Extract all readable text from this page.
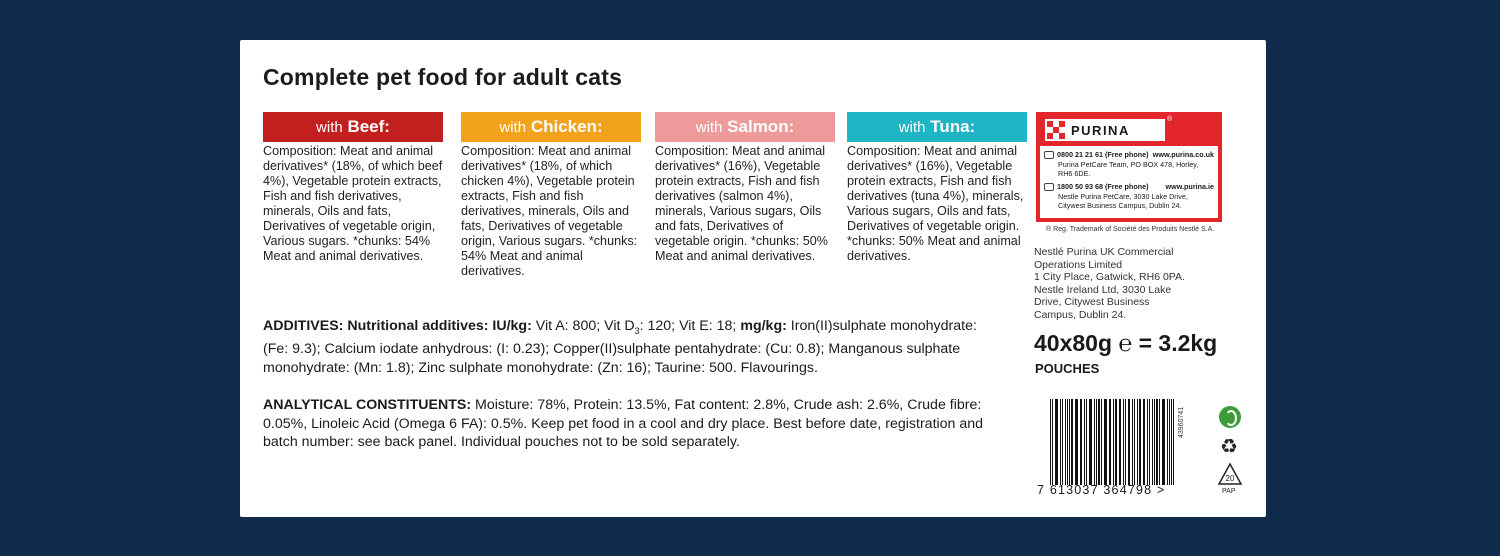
Complete pet food for adult cats
with Beef:
Composition: Meat and animal derivatives* (18%, of which beef 4%), Vegetable protein extracts, Fish and fish derivatives, minerals, Oils and fats, Derivatives of vegetable origin, Various sugars. *chunks: 54% Meat and animal derivatives.
with Chicken:
Composition: Meat and animal derivatives* (18%, of which chicken 4%), Vegetable protein extracts, Fish and fish derivatives, minerals, Oils and fats, Derivatives of vegetable origin, Various sugars. *chunks: 54% Meat and animal derivatives.
with Salmon:
Composition: Meat and animal derivatives* (16%), Vegetable protein extracts, Fish and fish derivatives (salmon 4%), minerals, Various sugars, Oils and fats, Derivatives of vegetable origin. *chunks: 50% Meat and animal derivatives.
with Tuna:
Composition: Meat and animal derivatives* (16%), Vegetable protein extracts, Fish and fish derivatives (tuna 4%), minerals, Various sugars, Oils and fats, Derivatives of vegetable origin. *chunks: 50% Meat and animal derivatives.
PURINA
®
0800 21 21 61 (Free phone) www.purina.co.uk
Purina PetCare Team, PO BOX 478, Horley,
RH6 6DE.
1800 50 93 68 (Free phone) www.purina.ie
Nestle Purina PetCare, 3030 Lake Drive,
Citywest Business Campus, Dublin 24.
® Reg. Trademark of Société des Produits Nestlé S.A.
Nestlé Purina UK Commercial
Operations Limited
1 City Place, Gatwick, RH6 0PA.
Nestle Ireland Ltd, 3030 Lake
Drive, Citywest Business
Campus, Dublin 24.
40x80g ℮ = 3.2kg
POUCHES
ADDITIVES: Nutritional additives: IU/kg: Vit A: 800; Vit $D_3$: 120; Vit E: 18; mg/kg: Iron(II)sulphate monohydrate: (Fe: 9.3); Calcium iodate anhydrous: (I: 0.23); Copper(II)sulphate pentahydrate: (Cu: 0.8); Manganous sulphate monohydrate: (Mn: 1.8); Zinc sulphate monohydrate: (Zn: 16); Taurine: 500. Flavourings.
ANALYTICAL CONSTITUENTS: Moisture: 78%, Protein: 13.5%, Fat content: 2.8%, Crude ash: 2.6%, Crude fibre: 0.05%, Linoleic Acid (Omega 6 FA): 0.5%. Keep pet food in a cool and dry place. Best before date, registration and batch number: see back panel. Individual pouches not to be sold separately.
7 613037 364798 >
43960741
♻
20
PAP
